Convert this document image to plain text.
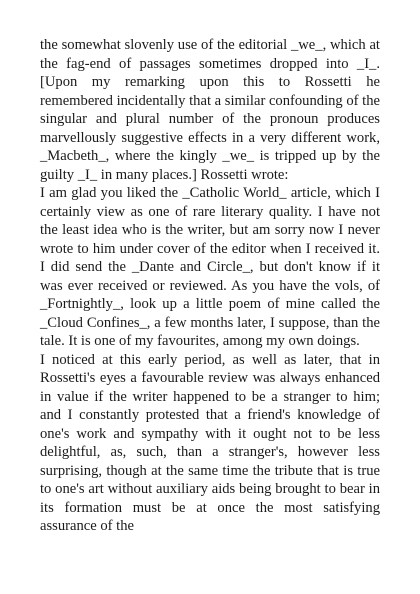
the somewhat slovenly use of the editorial _we_, which at the fag-end of passages sometimes dropped into _I_. [Upon my remarking upon this to Rossetti he remembered incidentally that a similar confounding of the singular and plural number of the pronoun produces marvellously suggestive effects in a very different work, _Macbeth_, where the kingly _we_ is tripped up by the guilty _I_ in many places.] Rossetti wrote:

I am glad you liked the _Catholic World_ article, which I certainly view as one of rare literary quality. I have not the least idea who is the writer, but am sorry now I never wrote to him under cover of the editor when I received it. I did send the _Dante and Circle_, but don't know if it was ever received or reviewed. As you have the vols, of _Fortnightly_, look up a little poem of mine called the _Cloud Confines_, a few months later, I suppose, than the tale. It is one of my favourites, among my own doings.

I noticed at this early period, as well as later, that in Rossetti's eyes a favourable review was always enhanced in value if the writer happened to be a stranger to him; and I constantly protested that a friend's knowledge of one's work and sympathy with it ought not to be less delightful, as, such, than a stranger's, however less surprising, though at the same time the tribute that is true to one's art without auxiliary aids being brought to bear in its formation must be at once the most satisfying assurance of the
